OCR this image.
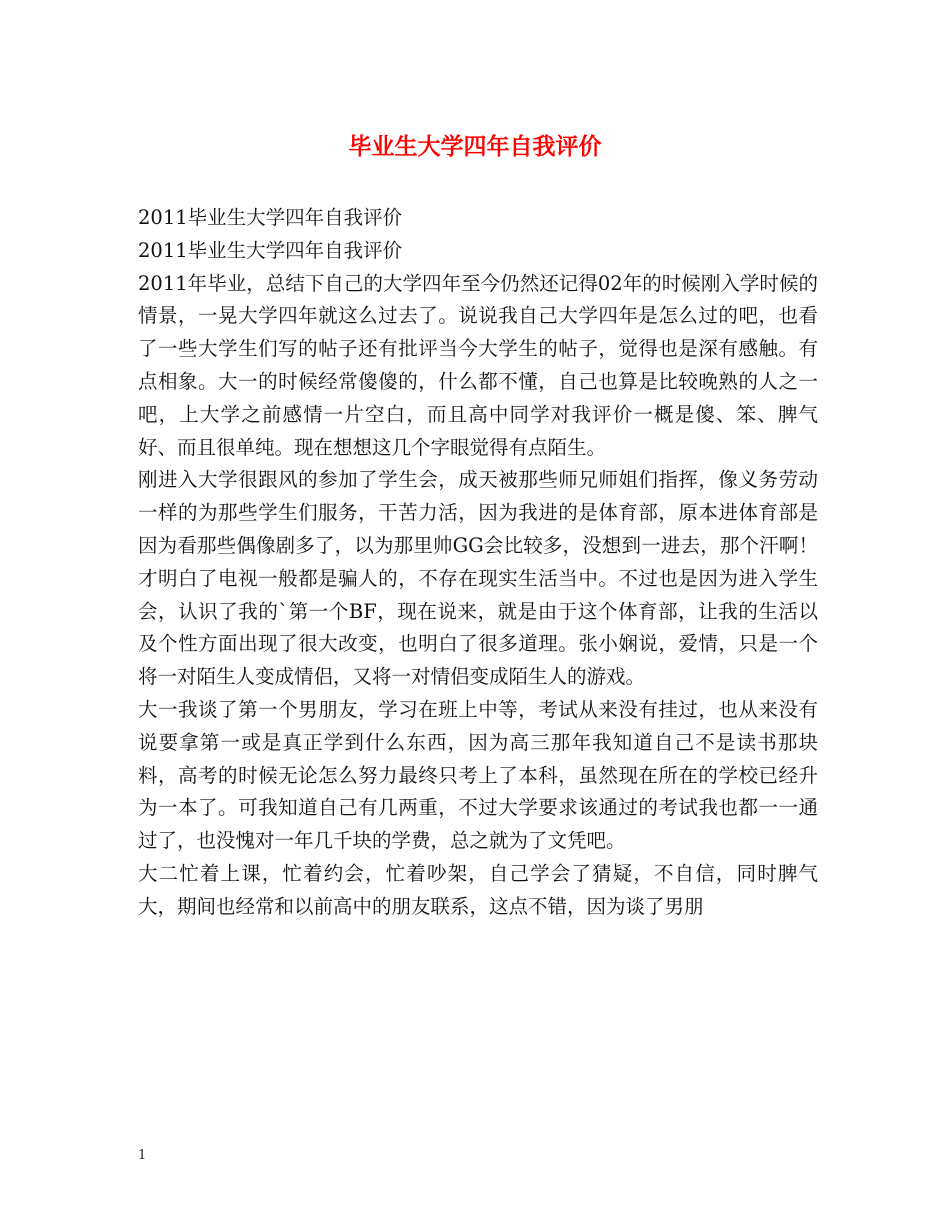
毕业生大学四年自我评价

2011毕业生大学四年自我评价

2011毕业生大学四年自我评价

2011年毕业，总结下自己的大学四年至今仍然还记得02年的时候刚入学时候的情景，一晃大学四年就这么过去了。说说我自己大学四年是怎么过的吧，也看了一些大学生们写的帖子还有批评当今大学生的帖子，觉得也是深有感触。有点相象。大一的时候经常傻傻的，什么都不懂，自己也算是比较晚熟的人之一吧，上大学之前感情一片空白，而且高中同学对我评价一概是傻、笨、脾气好、而且很单纯。现在想想这几个字眼觉得有点陌生。

刚进入大学很跟风的参加了学生会，成天被那些师兄师姐们指挥，像义务劳动一样的为那些学生们服务，干苦力活，因为我进的是体育部，原本进体育部是因为看那些偶像剧多了，以为那里帅GG会比较多，没想到一进去，那个汗啊！才明白了电视一般都是骗人的，不存在现实生活当中。不过也是因为进入学生会，认识了我的`第一个BF，现在说来，就是由于这个体育部，让我的生活以及个性方面出现了很大改变，也明白了很多道理。张小娴说，爱情，只是一个将一对陌生人变成情侣，又将一对情侣变成陌生人的游戏。

大一我谈了第一个男朋友，学习在班上中等，考试从来没有挂过，也从来没有说要拿第一或是真正学到什么东西，因为高三那年我知道自己不是读书那块料，高考的时候无论怎么努力最终只考上了本科，虽然现在所在的学校已经升为一本了。可我知道自己有几两重，不过大学要求该通过的考试我也都一一通过了，也没愧对一年几千块的学费，总之就为了文凭吧。

大二忙着上课，忙着约会，忙着吵架，自己学会了猜疑，不自信，同时脾气大，期间也经常和以前高中的朋友联系，这点不错，因为谈了男朋

1
